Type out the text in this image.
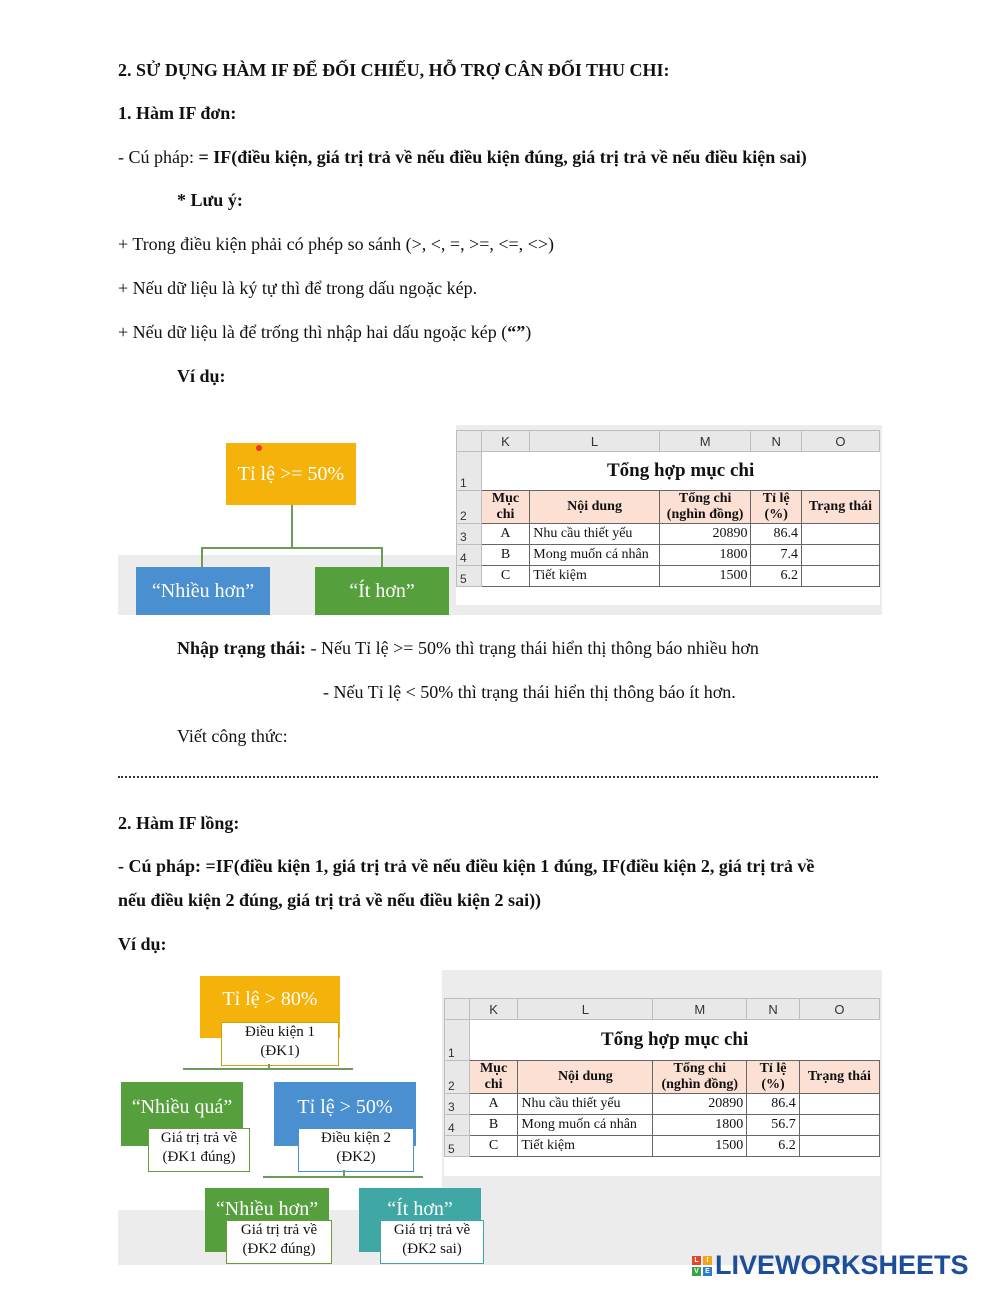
2. SỬ DỤNG HÀM IF ĐỂ ĐỐI CHIẾU, HỖ TRỢ CÂN ĐỐI THU CHI:
1. Hàm IF đơn:
- Cú pháp: = IF(điều kiện, giá trị trả về nếu điều kiện đúng, giá trị trả về nếu điều kiện sai)
* Lưu ý:
+ Trong điều kiện phải có phép so sánh (>, <, =, >=, <=, <>)
+ Nếu dữ liệu là ký tự thì để trong dấu ngoặc kép.
+ Nếu dữ liệu là để trống thì nhập hai dấu ngoặc kép (“”)
Ví dụ:
Tỉ lệ >= 50%
“Nhiều hơn”	“Ít hơn”
	K	L	M	N	O
1	Tổng hợp mục chi				
2	Mục chi	Nội dung	Tổng chi (nghìn đồng)	Tỉ lệ (%)	Trạng thái
3	A	Nhu cầu thiết yếu	20890	86.4	
4	B	Mong muốn cá nhân	1800	7.4	
5	C	Tiết kiệm	1500	6.2	
Nhập trạng thái: - Nếu Tỉ lệ >= 50% thì trạng thái hiển thị thông báo nhiều hơn
- Nếu Tỉ lệ < 50% thì trạng thái hiển thị thông báo ít hơn.
Viết công thức:
2. Hàm IF lồng:
- Cú pháp: =IF(điều kiện 1, giá trị trả về nếu điều kiện 1 đúng, IF(điều kiện 2, giá trị trả về
nếu điều kiện 2 đúng, giá trị trả về nếu điều kiện 2 sai))
Ví dụ:
Tỉ lệ > 80%
Điều kiện 1
(ĐK1)
“Nhiều quá”
Giá trị trả về
(ĐK1 đúng)
Tỉ lệ > 50%
Điều kiện 2
(ĐK2)
“Nhiều hơn”
Giá trị trả về
(ĐK2 đúng)
“Ít hơn”
Giá trị trả về
(ĐK2 sai)
	K	L	M	N	O
1	Tổng hợp mục chi				
2	Mục chi	Nội dung	Tổng chi (nghìn đồng)	Tỉ lệ (%)	Trạng thái
3	A	Nhu cầu thiết yếu	20890	86.4	
4	B	Mong muốn cá nhân	1800	56.7	
5	C	Tiết kiệm	1500	6.2	
L	I
V E LIVEWORKSHEETS
